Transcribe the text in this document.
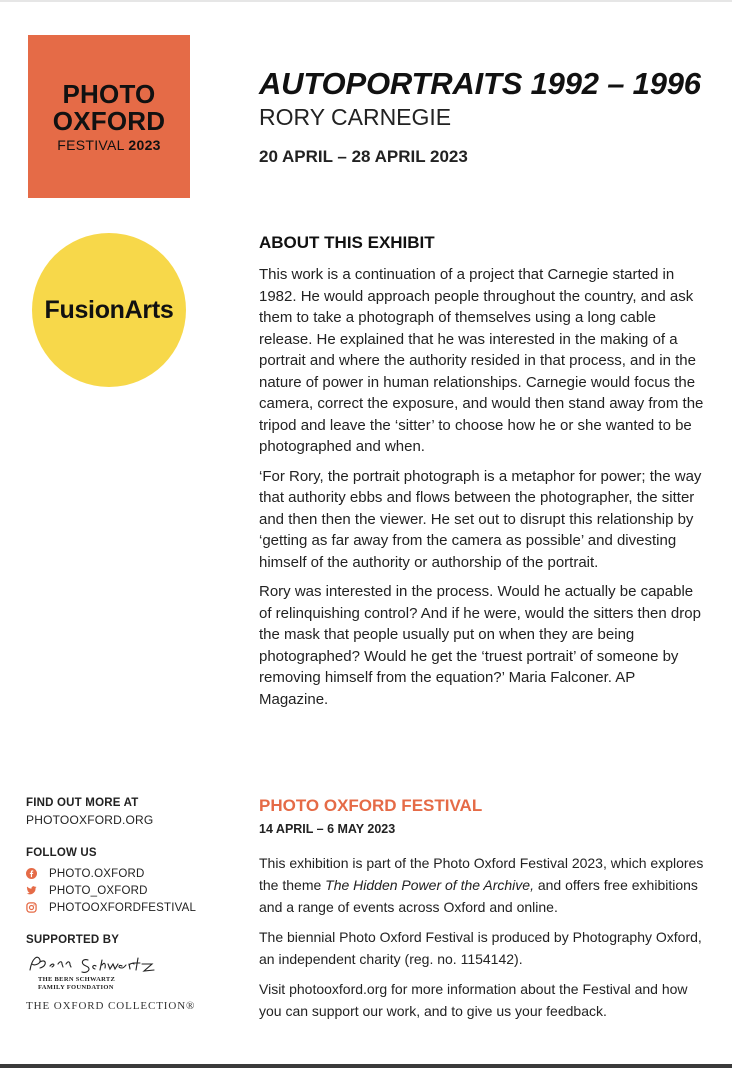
PHOTO
OXFORD
FESTIVAL 2023
FusionArts
AUTOPORTRAITS 1992 – 1996
RORY CARNEGIE
20 APRIL – 28 APRIL 2023
ABOUT THIS EXHIBIT

This work is a continuation of a project that Carnegie started in 1982. He would approach people throughout the country, and ask them to take a photograph of themselves using a long cable release. He explained that he was interested in the making of a portrait and where the authority resided in that process, and in the nature of power in human relationships. Carnegie would focus the camera, correct the exposure, and would then stand away from the tripod and leave the ‘sitter’ to choose how he or she wanted to be photographed and when.

‘For Rory, the portrait photograph is a metaphor for power; the way that authority ebbs and flows between the photographer, the sitter and then then the viewer. He set out to disrupt this relationship by ‘getting as far away from the camera as possible’ and divesting himself of the authority or authorship of the portrait.

Rory was interested in the process. Would he actually be capable of relinquishing control? And if he were, would the sitters then drop the mask that people usually put on when they are being photographed? Would he get the ‘truest portrait’ of someone by removing himself from the equation?’ Maria Falconer. AP Magazine.

FIND OUT MORE AT
PHOTOOXFORD.ORG
FOLLOW US
PHOTO.OXFORD
PHOTO_OXFORD
PHOTOOXFORDFESTIVAL
SUPPORTED BY
THE BERN SCHWARTZ
FAMILY FOUNDATION
THE OXFORD COLLECTION®
PHOTO OXFORD FESTIVAL
14 APRIL – 6 MAY 2023

This exhibition is part of the Photo Oxford Festival 2023, which explores the theme The Hidden Power of the Archive, and offers free exhibitions and a range of events across Oxford and online.

The biennial Photo Oxford Festival is produced by Photography Oxford, an independent charity (reg. no. 1154142).

Visit photooxford.org for more information about the Festival and how you can support our work, and to give us your feedback.
